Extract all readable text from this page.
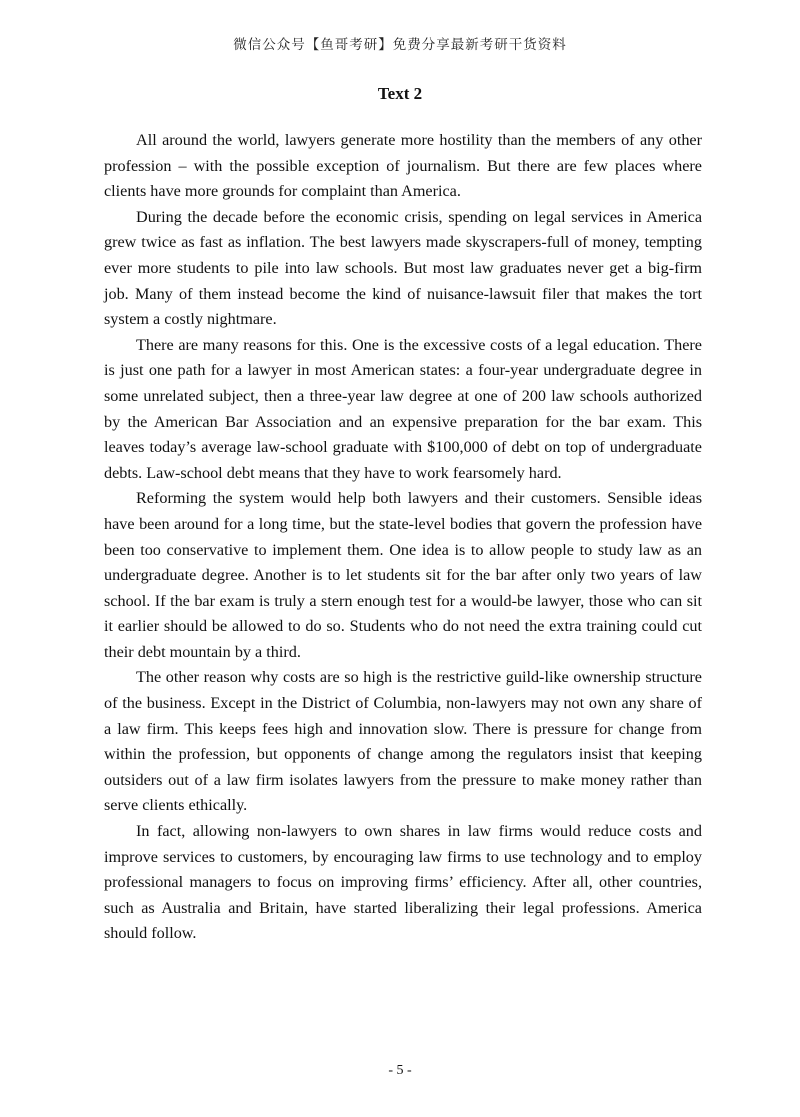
微信公众号【鱼哥考研】免费分享最新考研干货资料
Text 2

All around the world, lawyers generate more hostility than the members of any other profession – with the possible exception of journalism. But there are few places where clients have more grounds for complaint than America.

During the decade before the economic crisis, spending on legal services in America grew twice as fast as inflation. The best lawyers made skyscrapers-full of money, tempting ever more students to pile into law schools. But most law graduates never get a big-firm job. Many of them instead become the kind of nuisance-lawsuit filer that makes the tort system a costly nightmare.

There are many reasons for this. One is the excessive costs of a legal education. There is just one path for a lawyer in most American states: a four-year undergraduate degree in some unrelated subject, then a three-year law degree at one of 200 law schools authorized by the American Bar Association and an expensive preparation for the bar exam. This leaves today’s average law-school graduate with $100,000 of debt on top of undergraduate debts. Law-school debt means that they have to work fearsomely hard.

Reforming the system would help both lawyers and their customers. Sensible ideas have been around for a long time, but the state-level bodies that govern the profession have been too conservative to implement them. One idea is to allow people to study law as an undergraduate degree. Another is to let students sit for the bar after only two years of law school. If the bar exam is truly a stern enough test for a would-be lawyer, those who can sit it earlier should be allowed to do so. Students who do not need the extra training could cut their debt mountain by a third.

The other reason why costs are so high is the restrictive guild-like ownership structure of the business. Except in the District of Columbia, non-lawyers may not own any share of a law firm. This keeps fees high and innovation slow. There is pressure for change from within the profession, but opponents of change among the regulators insist that keeping outsiders out of a law firm isolates lawyers from the pressure to make money rather than serve clients ethically.

In fact, allowing non-lawyers to own shares in law firms would reduce costs and improve services to customers, by encouraging law firms to use technology and to employ professional managers to focus on improving firms’ efficiency. After all, other countries, such as Australia and Britain, have started liberalizing their legal professions. America should follow.

- 5 -
